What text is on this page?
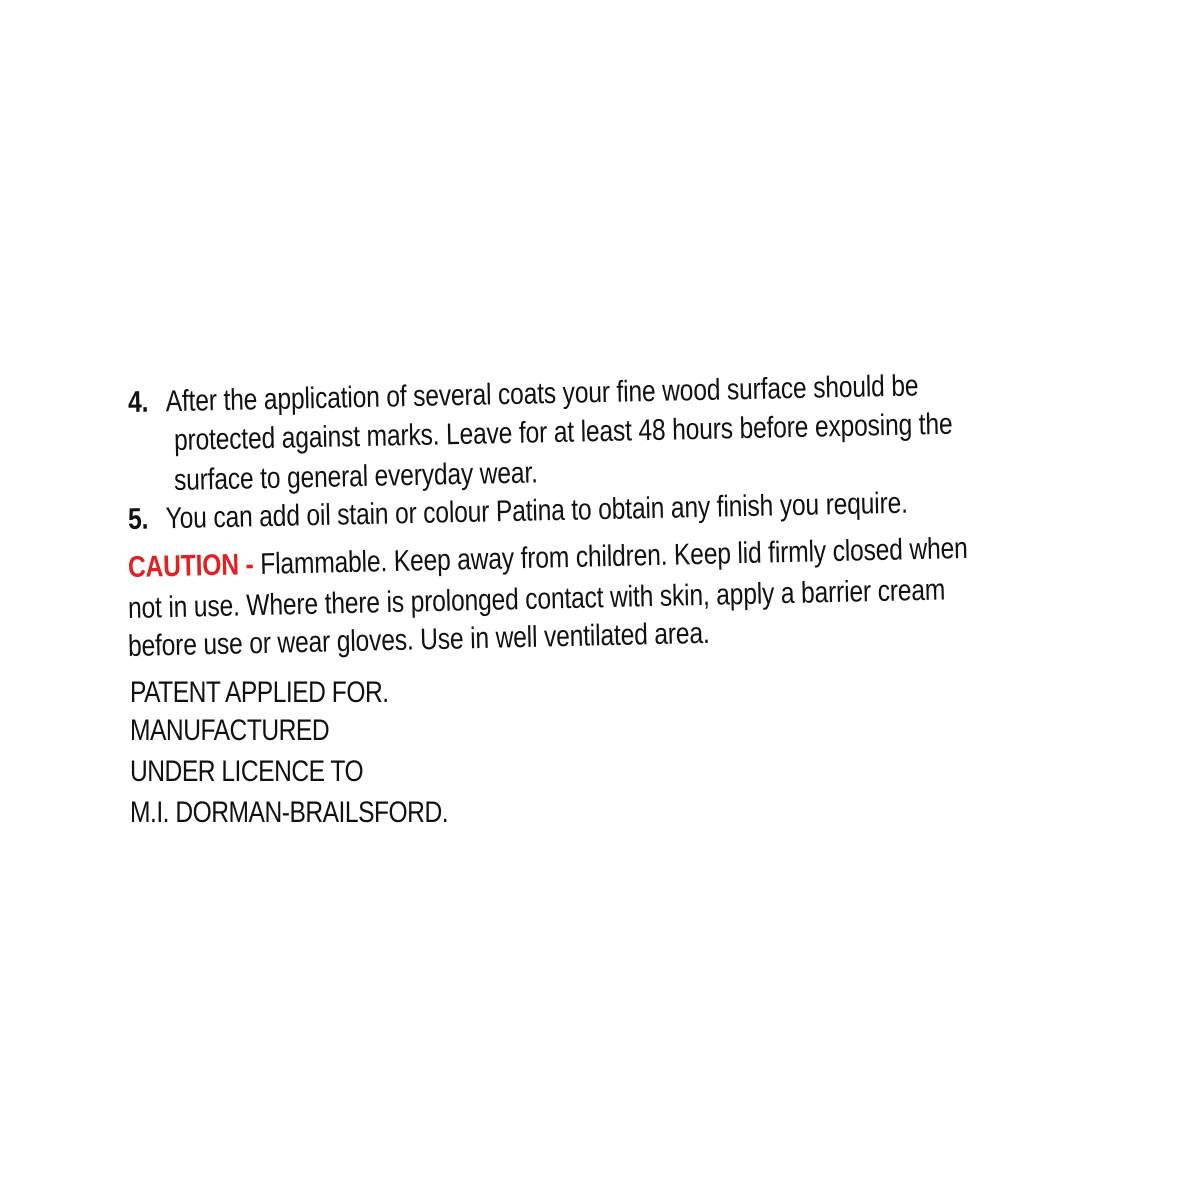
4. After the application of several coats your fine wood surface should be
protected against marks. Leave for at least 48 hours before exposing the
surface to general everyday wear.
5. You can add oil stain or colour Patina to obtain any finish you require.
CAUTION - Flammable. Keep away from children. Keep lid firmly closed when
not in use. Where there is prolonged contact with skin, apply a barrier cream
before use or wear gloves. Use in well ventilated area.
PATENT APPLIED FOR.
MANUFACTURED
UNDER LICENCE TO
M.I. DORMAN-BRAILSFORD.
